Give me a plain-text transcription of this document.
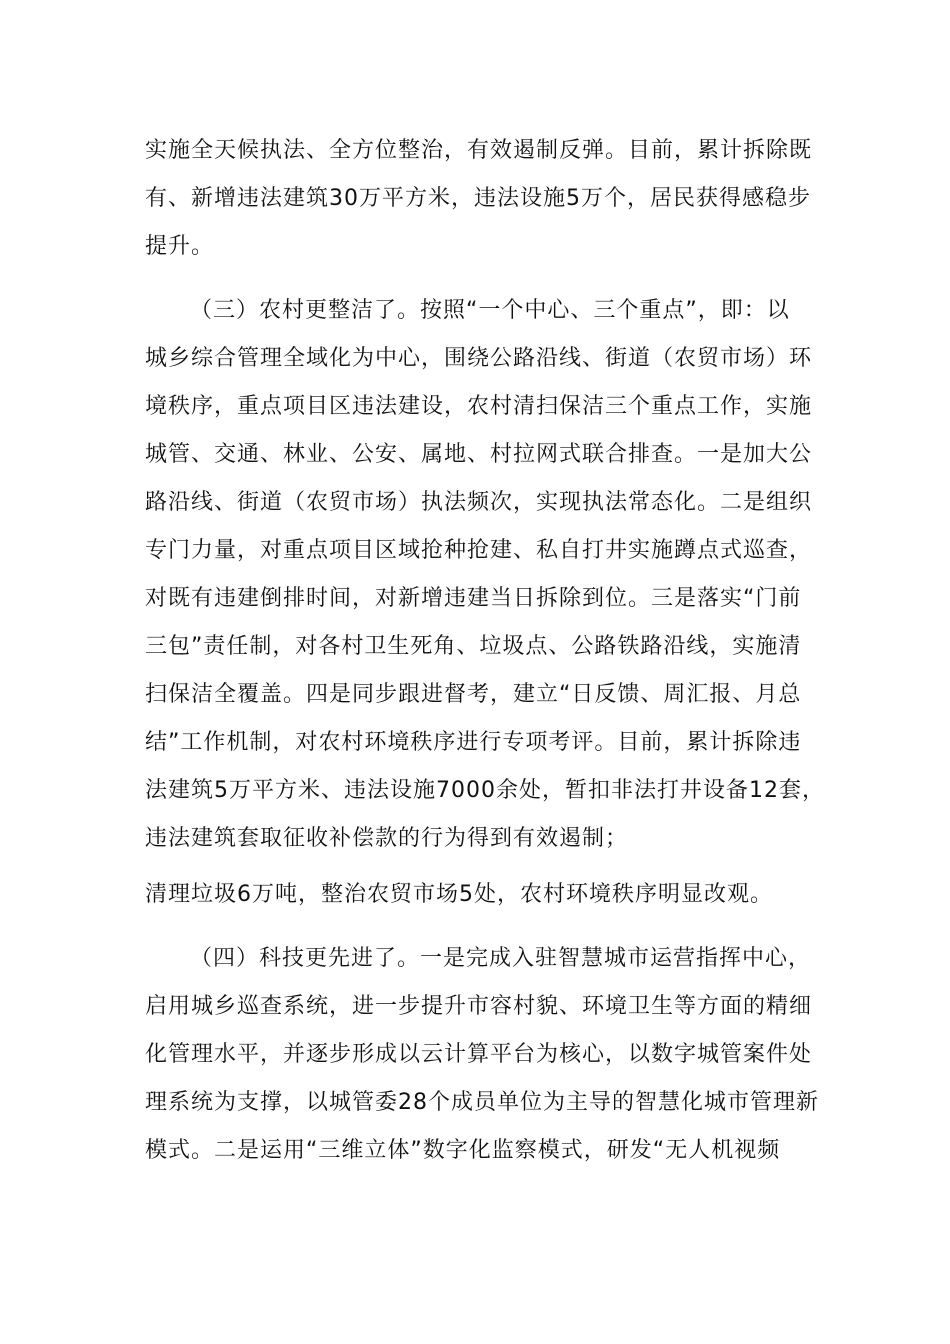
实施全天候执法、全方位整治，有效遏制反弹。目前，累计拆除既
有、新增违法建筑30万平方米，违法设施5万个，居民获得感稳步
提升。
（三）农村更整洁了。按照“一个中心、三个重点”，即：以
城乡综合管理全域化为中心，围绕公路沿线、街道（农贸市场）环
境秩序，重点项目区违法建设，农村清扫保洁三个重点工作，实施
城管、交通、林业、公安、属地、村拉网式联合排查。一是加大公
路沿线、街道（农贸市场）执法频次，实现执法常态化。二是组织
专门力量，对重点项目区域抢种抢建、私自打井实施蹲点式巡查，
对既有违建倒排时间，对新增违建当日拆除到位。三是落实“门前
三包”责任制，对各村卫生死角、垃圾点、公路铁路沿线，实施清
扫保洁全覆盖。四是同步跟进督考，建立“日反馈、周汇报、月总
结”工作机制，对农村环境秩序进行专项考评。目前，累计拆除违
法建筑5万平方米、违法设施7000余处，暂扣非法打井设备12套，
违法建筑套取征收补偿款的行为得到有效遏制；
清理垃圾6万吨，整治农贸市场5处，农村环境秩序明显改观。
（四）科技更先进了。一是完成入驻智慧城市运营指挥中心，
启用城乡巡查系统，进一步提升市容村貌、环境卫生等方面的精细
化管理水平，并逐步形成以云计算平台为核心，以数字城管案件处
理系统为支撑，以城管委28个成员单位为主导的智慧化城市管理新
模式。二是运用“三维立体”数字化监察模式，研发“无人机视频
